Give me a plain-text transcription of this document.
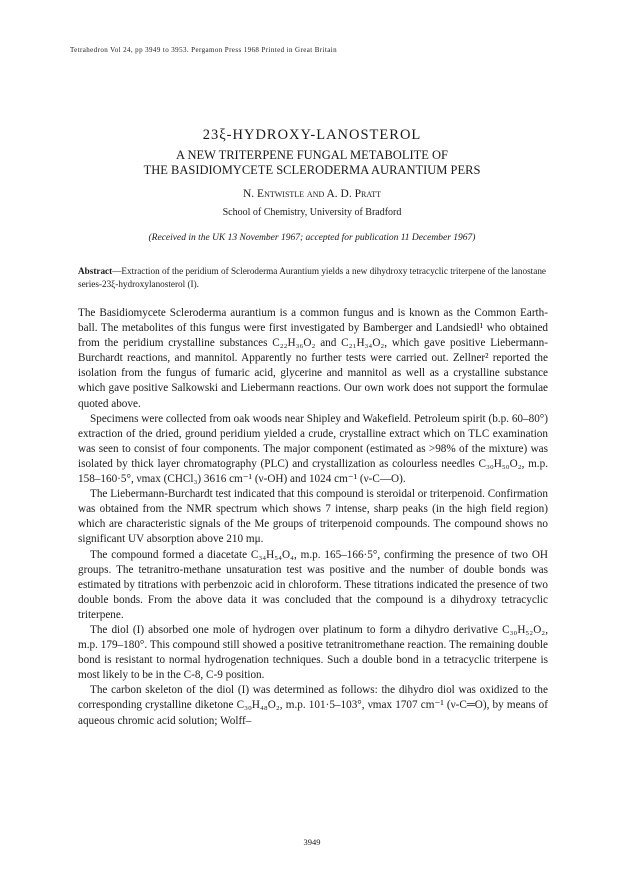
Tetrahedron Vol 24, pp 3949 to 3953. Pergamon Press 1968 Printed in Great Britain
23ξ-HYDROXY-LANOSTEROL
A NEW TRITERPENE FUNGAL METABOLITE OF
THE BASIDIOMYCETE SCLERODERMA AURANTIUM PERS
N. Entwistle and A. D. Pratt
School of Chemistry, University of Bradford
(Received in the UK 13 November 1967; accepted for publication 11 December 1967)
Abstract—Extraction of the peridium of Scleroderma Aurantium yields a new dihydroxy tetracyclic triterpene of the lanostane series-23ξ-hydroxylanosterol (I).

The Basidiomycete Scleroderma aurantium is a common fungus and is known as the Common Earth-ball. The metabolites of this fungus were first investigated by Bamberger and Landsiedl¹ who obtained from the peridium crystalline substances C₂₂H₃₆O₂ and C₂₁H₃₄O₂, which gave positive Liebermann-Burchardt reactions, and mannitol. Apparently no further tests were carried out. Zellner² reported the isolation from the fungus of fumaric acid, glycerine and mannitol as well as a crystalline substance which gave positive Salkowski and Liebermann reactions. Our own work does not support the formulae quoted above.

Specimens were collected from oak woods near Shipley and Wakefield. Petroleum spirit (b.p. 60–80°) extraction of the dried, ground peridium yielded a crude, crystalline extract which on TLC examination was seen to consist of four components. The major component (estimated as >98% of the mixture) was isolated by thick layer chromatography (PLC) and crystallization as colourless needles C₃₀H₅₀O₂, m.p. 158–160·5°, νmax (CHCl₃) 3616 cm⁻¹ (ν-OH) and 1024 cm⁻¹ (ν-C—O).

The Liebermann-Burchardt test indicated that this compound is steroidal or triterpenoid. Confirmation was obtained from the NMR spectrum which shows 7 intense, sharp peaks (in the high field region) which are characteristic signals of the Me groups of triterpenoid compounds. The compound shows no significant UV absorption above 210 mμ.

The compound formed a diacetate C₃₄H₅₄O₄, m.p. 165–166·5°, confirming the presence of two OH groups. The tetranitro-methane unsaturation test was positive and the number of double bonds was estimated by titrations with perbenzoic acid in chloroform. These titrations indicated the presence of two double bonds. From the above data it was concluded that the compound is a dihydroxy tetracyclic triterpene.

The diol (I) absorbed one mole of hydrogen over platinum to form a dihydro derivative C₃₀H₅₂O₂, m.p. 179–180°. This compound still showed a positive tetranitromethane reaction. The remaining double bond is resistant to normal hydrogenation techniques. Such a double bond in a tetracyclic triterpene is most likely to be in the C-8, C-9 position.

The carbon skeleton of the diol (I) was determined as follows: the dihydro diol was oxidized to the corresponding crystalline diketone C₃₀H₄₈O₂, m.p. 101·5–103°, νmax 1707 cm⁻¹ (ν-C═O), by means of aqueous chromic acid solution; Wolff–

3949
